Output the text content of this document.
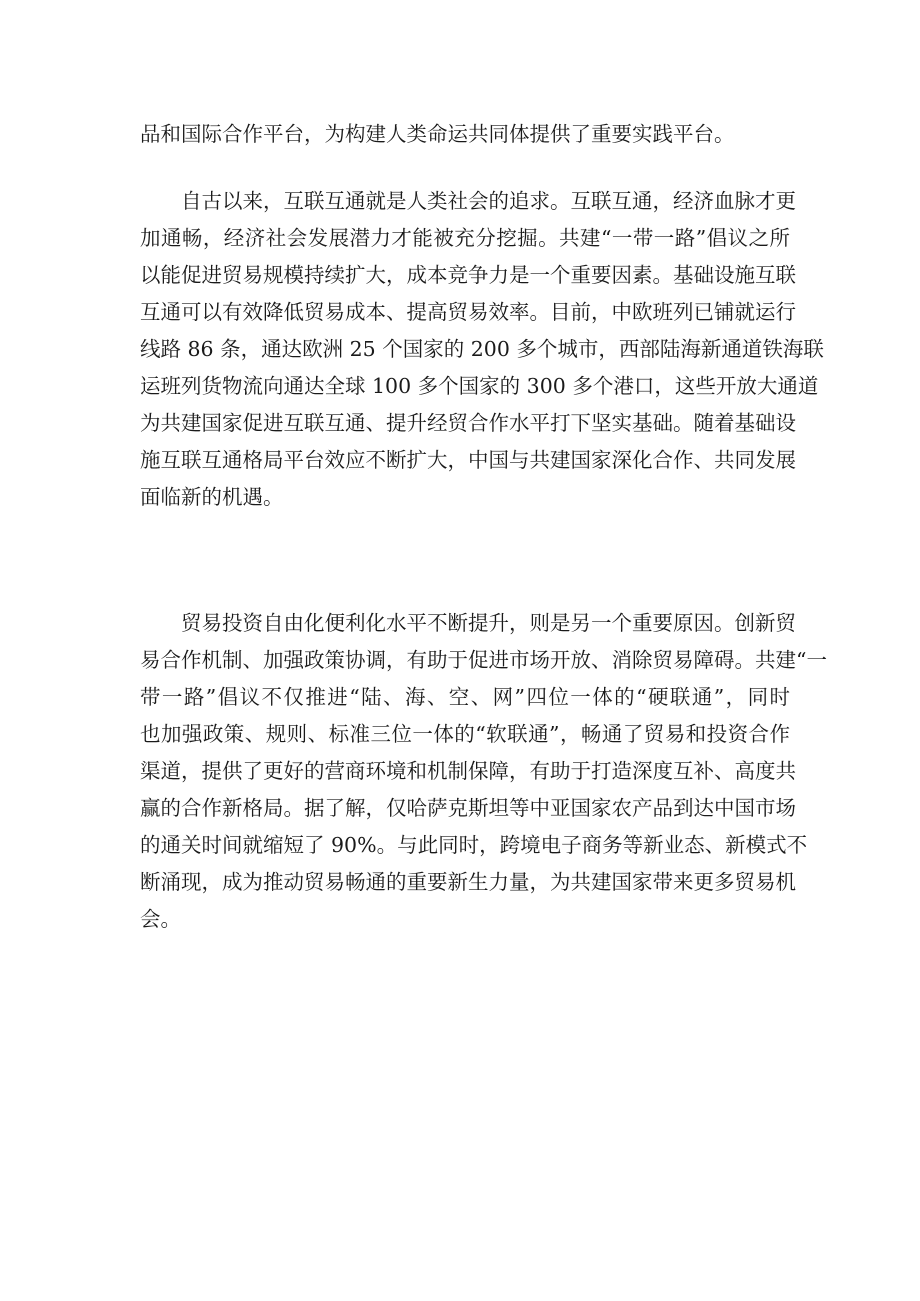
品和国际合作平台，为构建人类命运共同体提供了重要实践平台。

自古以来，互联互通就是人类社会的追求。互联互通，经济血脉才更
加通畅，经济社会发展潜力才能被充分挖掘。共建“一带一路”倡议之所
以能促进贸易规模持续扩大，成本竞争力是一个重要因素。基础设施互联
互通可以有效降低贸易成本、提高贸易效率。目前，中欧班列已铺就运行
线路 86 条，通达欧洲 25 个国家的 200 多个城市，西部陆海新通道铁海联
运班列货物流向通达全球 100 多个国家的 300 多个港口，这些开放大通道
为共建国家促进互联互通、提升经贸合作水平打下坚实基础。随着基础设
施互联互通格局平台效应不断扩大，中国与共建国家深化合作、共同发展
面临新的机遇。

贸易投资自由化便利化水平不断提升，则是另一个重要原因。创新贸
易合作机制、加强政策协调，有助于促进市场开放、消除贸易障碍。共建“一
带一路”倡议不仅推进“陆、海、空、网”四位一体的“硬联通”，同时
也加强政策、规则、标准三位一体的“软联通”，畅通了贸易和投资合作
渠道，提供了更好的营商环境和机制保障，有助于打造深度互补、高度共
赢的合作新格局。据了解，仅哈萨克斯坦等中亚国家农产品到达中国市场
的通关时间就缩短了 90%。与此同时，跨境电子商务等新业态、新模式不
断涌现，成为推动贸易畅通的重要新生力量，为共建国家带来更多贸易机
会。
